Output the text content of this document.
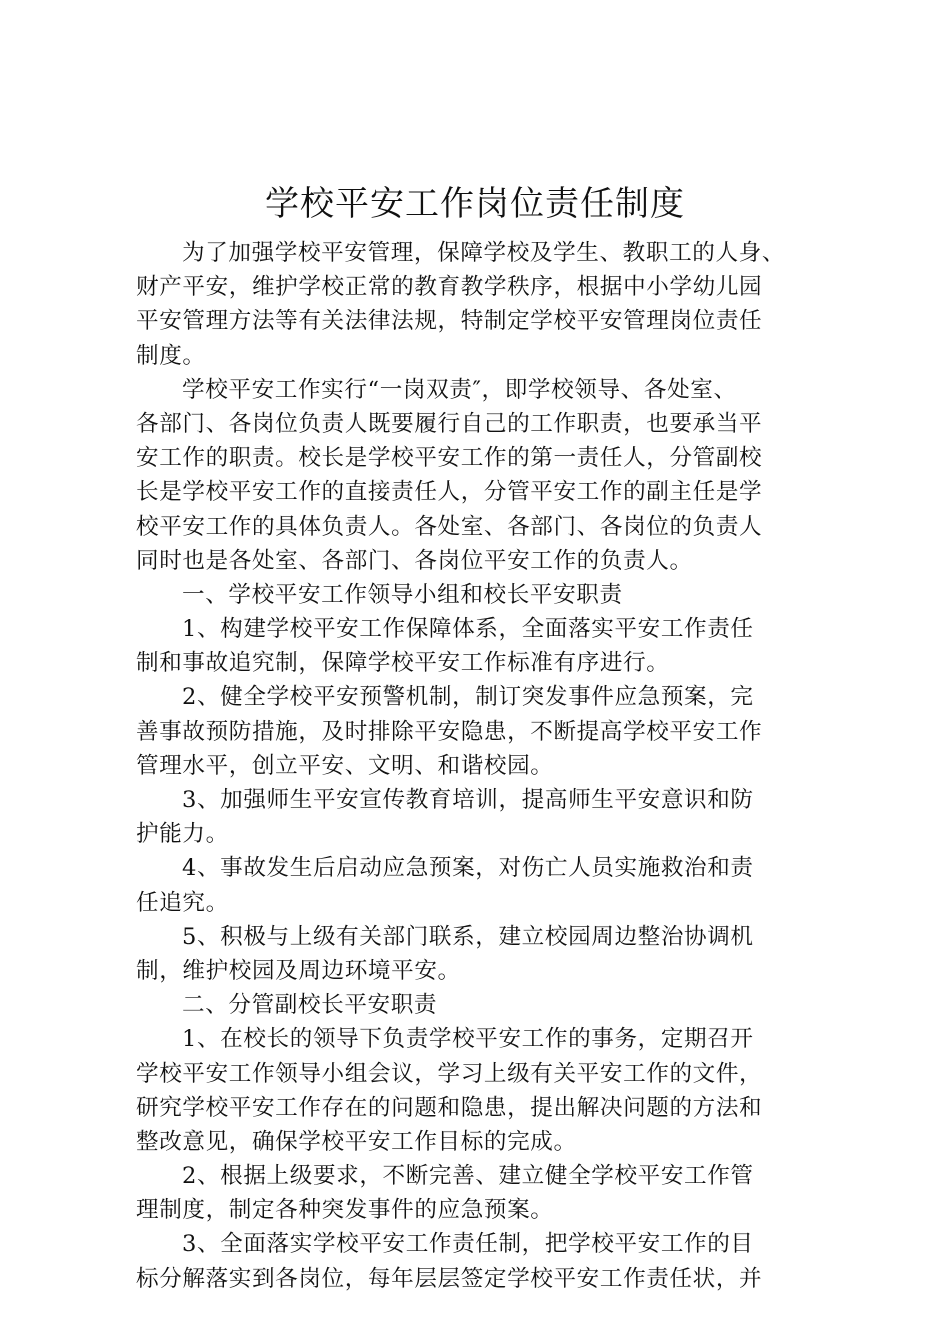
学校平安工作岗位责任制度
为了加强学校平安管理，保障学校及学生、教职工的人身、
财产平安，维护学校正常的教育教学秩序，根据中小学幼儿园
平安管理方法等有关法律法规，特制定学校平安管理岗位责任
制度。
学校平安工作实行“一岗双责″，即学校领导、各处室、
各部门、各岗位负责人既要履行自己的工作职责，也要承当平
安工作的职责。校长是学校平安工作的第一责任人，分管副校
长是学校平安工作的直接责任人，分管平安工作的副主任是学
校平安工作的具体负责人。各处室、各部门、各岗位的负责人
同时也是各处室、各部门、各岗位平安工作的负责人。
一、学校平安工作领导小组和校长平安职责
1、构建学校平安工作保障体系，全面落实平安工作责任
制和事故追究制，保障学校平安工作标准有序进行。
2、健全学校平安预警机制，制订突发事件应急预案，完
善事故预防措施，及时排除平安隐患，不断提高学校平安工作
管理水平，创立平安、文明、和谐校园。
3、加强师生平安宣传教育培训，提高师生平安意识和防
护能力。
4、事故发生后启动应急预案，对伤亡人员实施救治和责
任追究。
5、积极与上级有关部门联系，建立校园周边整治协调机
制，维护校园及周边环境平安。
二、分管副校长平安职责
1、在校长的领导下负责学校平安工作的事务，定期召开
学校平安工作领导小组会议，学习上级有关平安工作的文件，
研究学校平安工作存在的问题和隐患，提出解决问题的方法和
整改意见，确保学校平安工作目标的完成。
2、根据上级要求，不断完善、建立健全学校平安工作管
理制度，制定各种突发事件的应急预案。
3、全面落实学校平安工作责任制，把学校平安工作的目
标分解落实到各岗位，每年层层签定学校平安工作责任状，并
